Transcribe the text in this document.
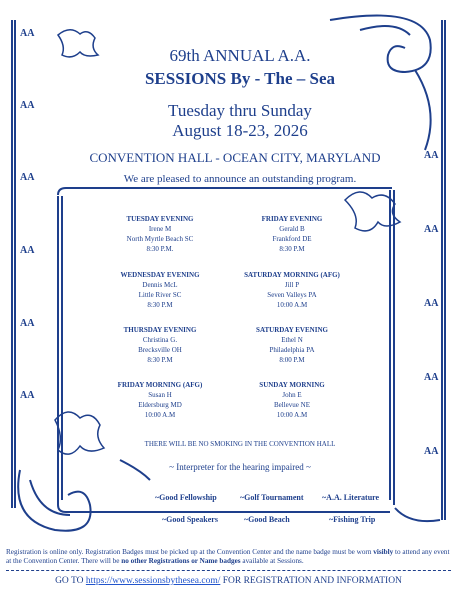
AA
AA
AA
AA
AA
AA
AA
AA
AA
AA
AA
69th ANNUAL A.A.
SESSIONS By - The – Sea
Tuesday thru Sunday
August 18-23, 2026
CONVENTION HALL - OCEAN CITY, MARYLAND
We are pleased to announce an outstanding program.
TUESDAY EVENING
Irene M
North Myrtle Beach SC
8:30 P.M.
WEDNESDAY EVENING
Dennis McL
Little River SC
8:30 P.M
THURSDAY EVENING
Christina G.
Brecksville OH
8:30 P.M
FRIDAY MORNING (AFG)
Susan H
Eldersburg MD
10:00 A.M
FRIDAY EVENING
Gerald B
Frankford DE
8:30 P.M
SATURDAY MORNING (AFG)
Jill P
Seven Valleys PA
10:00 A.M
SATURDAY EVENING
Ethel N
Philadelphia PA
8:00 P.M
SUNDAY MORNING
John E
Bellevue NE
10:00 A.M
THERE WILL BE NO SMOKING IN THE CONVENTION HALL
~ Interpreter for the hearing impaired ~
~Good Fellowship	~Golf Tournament ~A.A. Literature
~Good Speakers	~Good Beach	~Fishing Trip
Registration is online only. Registration Badges must be picked up at the Convention Center and the name badge must be worn visibly to attend any event at the Convention Center. There will be no other Registrations or Name badges available at Sessions.
GO TO https://www.sessionsbythesea.com/ FOR REGISTRATION AND INFORMATION
